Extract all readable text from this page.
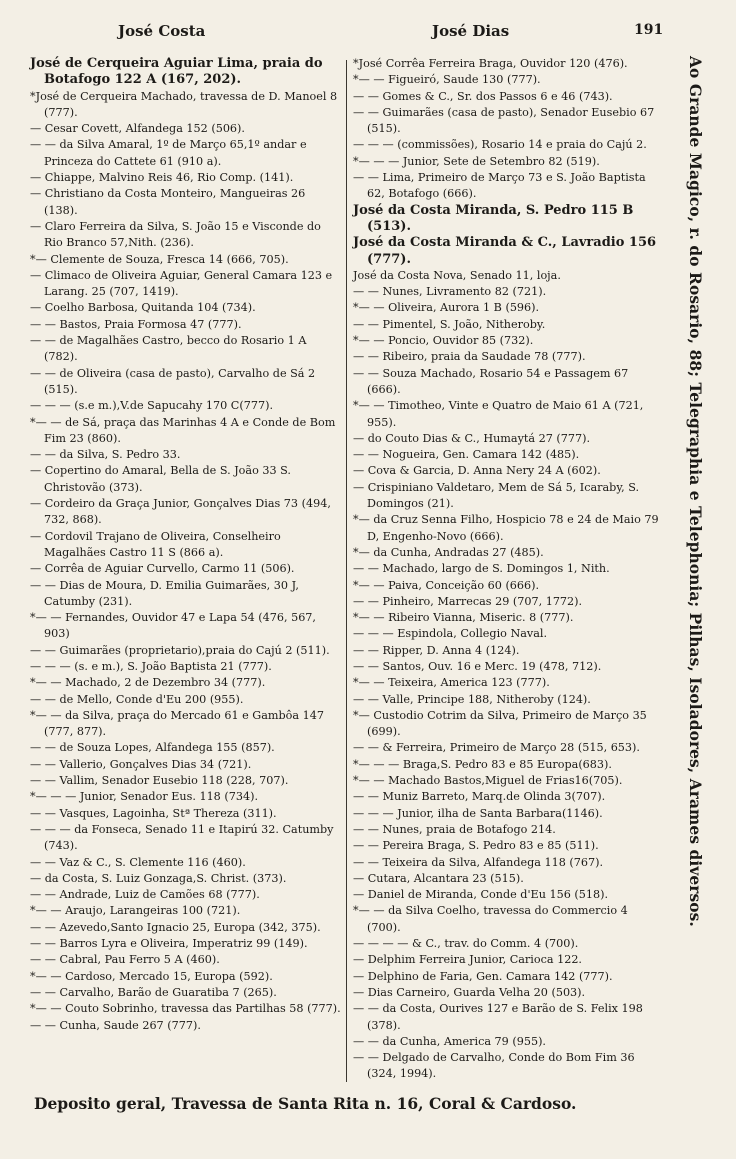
José Costa	José Dias	191
José de Cerqueira Aguiar Lima, praia do Botafogo 122 A (167, 202).
*José de Cerqueira Machado, travessa de D. Manoel 8 (777).
— Cesar Covett, Alfandega 152 (506).
— — da Silva Amaral, 1º de Março 65,1º andar e Princeza do Cattete 61 (910 a).
— Chiappe, Malvino Reis 46, Rio Comp. (141).
— Christiano da Costa Monteiro, Mangueiras 26 (138).
— Claro Ferreira da Silva, S. João 15 e Visconde do Rio Branco 57,Nith. (236).
*— Clemente de Souza, Fresca 14 (666, 705).
— Climaco de Oliveira Aguiar, General Camara 123 e Larang. 25 (707, 1419).
— Coelho Barbosa, Quitanda 104 (734).
— — Bastos, Praia Formosa 47 (777).
— — de Magalhães Castro, becco do Rosario 1 A (782).
— — de Oliveira (casa de pasto), Carvalho de Sá 2 (515).
— — — (s.e m.),V.de Sapucahy 170 C(777).
*— — de Sá, praça das Marinhas 4 A e Conde de Bom Fim 23 (860).
— — da Silva, S. Pedro 33.
— Copertino do Amaral, Bella de S. João 33 S. Christovão (373).
— Cordeiro da Graça Junior, Gonçalves Dias 73 (494, 732, 868).
— Cordovil Trajano de Oliveira, Conselheiro Magalhães Castro 11 S (866 a).
— Corrêa de Aguiar Curvello, Carmo 11 (506).
— — Dias de Moura, D. Emilia Guimarães, 30 J, Catumby (231).
*— — Fernandes, Ouvidor 47 e Lapa 54 (476, 567, 903)
— — Guimarães (proprietario),praia do Cajú 2 (511).
— — — (s. e m.), S. João Baptista 21 (777).
*— — Machado, 2 de Dezembro 34 (777).
— — de Mello, Conde d'Eu 200 (955).
*— — da Silva, praça do Mercado 61 e Gambôa 147 (777, 877).
— — de Souza Lopes, Alfandega 155 (857).
— — Vallerio, Gonçalves Dias 34 (721).
— — Vallim, Senador Eusebio 118 (228, 707).
*— — — Junior, Senador Eus. 118 (734).
— — Vasques, Lagoinha, Stª Thereza (311).
— — — da Fonseca, Senado 11 e Itapirú 32. Catumby (743).
— — Vaz & C., S. Clemente 116 (460).
— da Costa, S. Luiz Gonzaga,S. Christ. (373).
— — Andrade, Luiz de Camões 68 (777).
*— — Araujo, Larangeiras 100 (721).
— — Azevedo,Santo Ignacio 25, Europa (342, 375).
— — Barros Lyra e Oliveira, Imperatriz 99 (149).
— — Cabral, Pau Ferro 5 A (460).
*— — Cardoso, Mercado 15, Europa (592).
— — Carvalho, Barão de Guaratiba 7 (265).
*— — Couto Sobrinho, travessa das Partilhas 58 (777).
— — Cunha, Saude 267 (777).
*José Corrêa Ferreira Braga, Ouvidor 120 (476).
*— — Figueiró, Saude 130 (777).
— — Gomes & C., Sr. dos Passos 6 e 46 (743).
— — Guimarães (casa de pasto), Senador Eusebio 67 (515).
— — — (commissões), Rosario 14 e praia do Cajú 2.
*— — — Junior, Sete de Setembro 82 (519).
— — Lima, Primeiro de Março 73 e S. João Baptista 62, Botafogo (666).
José da Costa Miranda, S. Pedro 115 B (513).
José da Costa Miranda & C., Lavradio 156 (777).
José da Costa Nova, Senado 11, loja.
— — Nunes, Livramento 82 (721).
*— — Oliveira, Aurora 1 B (596).
— — Pimentel, S. João, Nitheroby.
*— — Poncio, Ouvidor 85 (732).
— — Ribeiro, praia da Saudade 78 (777).
— — Souza Machado, Rosario 54 e Passagem 67 (666).
*— — Timotheo, Vinte e Quatro de Maio 61 A (721, 955).
— do Couto Dias & C., Humaytá 27 (777).
— — Nogueira, Gen. Camara 142 (485).
— Cova & Garcia, D. Anna Nery 24 A (602).
— Crispiniano Valdetaro, Mem de Sá 5, Icaraby, S. Domingos (21).
*— da Cruz Senna Filho, Hospicio 78 e 24 de Maio 79 D, Engenho-Novo (666).
*— da Cunha, Andradas 27 (485).
— — Machado, largo de S. Domingos 1, Nith.
*— — Paiva, Conceição 60 (666).
— — Pinheiro, Marrecas 29 (707, 1772).
*— — Ribeiro Vianna, Miseric. 8 (777).
— — — Espindola, Collegio Naval.
— — Ripper, D. Anna 4 (124).
— — Santos, Ouv. 16 e Merc. 19 (478, 712).
*— — Teixeira, America 123 (777).
— — Valle, Principe 188, Nitheroby (124).
*— Custodio Cotrim da Silva, Primeiro de Março 35 (699).
— — & Ferreira, Primeiro de Março 28 (515, 653).
*— — — Braga,S. Pedro 83 e 85 Europa(683).
*— — Machado Bastos,Miguel de Frias16(705).
— — Muniz Barreto, Marq.de Olinda 3(707).
— — — Junior, ilha de Santa Barbara(1146).
— — Nunes, praia de Botafogo 214.
— — Pereira Braga, S. Pedro 83 e 85 (511).
— — Teixeira da Silva, Alfandega 118 (767).
— Cutara, Alcantara 23 (515).
— Daniel de Miranda, Conde d'Eu 156 (518).
*— — da Silva Coelho, travessa do Commercio 4 (700).
— — — — & C., trav. do Comm. 4 (700).
— Delphim Ferreira Junior, Carioca 122.
— Delphino de Faria, Gen. Camara 142 (777).
— Dias Carneiro, Guarda Velha 20 (503).
— — da Costa, Ourives 127 e Barão de S. Felix 198 (378).
— — da Cunha, America 79 (955).
— — Delgado de Carvalho, Conde do Bom Fim 36 (324, 1994).
Ao Grande Magico, r. do Rosario, 88; Telegraphia e Telephonia; Pilhas, Isoladores, Arames diversos.
Deposito geral, Travessa de Santa Rita n. 16, Coral & Cardoso.
